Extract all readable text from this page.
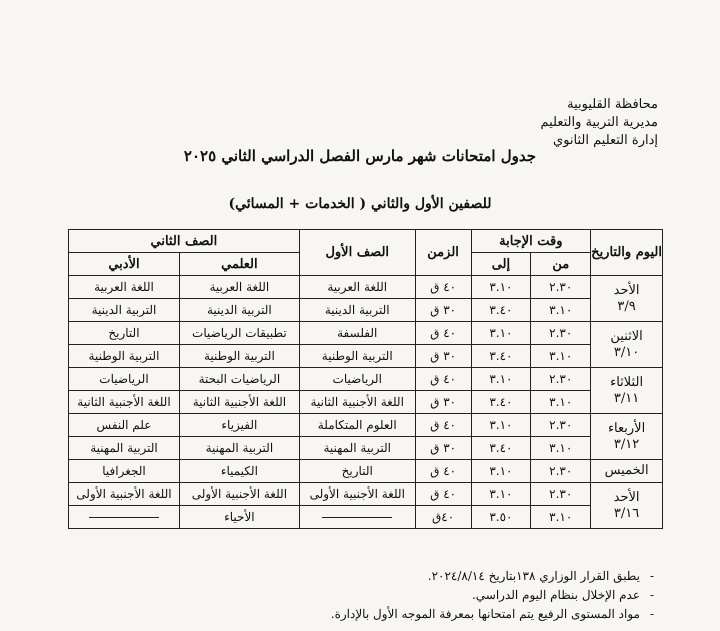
محافظة القليوبية
مديرية التربية والتعليم
إدارة التعليم الثانوي
جدول امتحانات شهر مارس الفصل الدراسي الثاني ٢٠٢٥
للصفين الأول والثاني ( الخدمات + المسائي)
اليوم والتاريخ	وقت الإجابة		الزمن	الصف الأول	الصف الثاني	
	من	إلى			العلمي	الأدبي

الأحد
٣/٩	٢.٣٠	٣.١٠	٤٠ ق	اللغة العربية	اللغة العربية	اللغة العربية
	٣.١٠	٣.٤٠	٣٠ ق	التربية الدينية	التربية الدينية	التربية الدينية

الاثنين
٣/١٠	٢.٣٠	٣.١٠	٤٠ ق	الفلسفة	تطبيقات الرياضيات	التاريخ
	٣.١٠	٣.٤٠	٣٠ ق	التربية الوطنية	التربية الوطنية	التربية الوطنية

الثلاثاء
٣/١١	٢.٣٠	٣.١٠	٤٠ ق	الرياضيات	الرياضيات البحتة	الرياضيات
	٣.١٠	٣.٤٠	٣٠ ق	اللغة الأجنبية الثانية	اللغة الأجنبية الثانية	اللغة الأجنبية الثانية

الأربعاء
٣/١٢	٢.٣٠	٣.١٠	٤٠ ق	العلوم المتكاملة	الفيزياء	علم النفس
	٣.١٠	٣.٤٠	٣٠ ق	التربية المهنية	التربية المهنية	التربية المهنية

الخميس	٢.٣٠	٣.١٠	٤٠ ق	التاريخ	الكيمياء	الجغرافيا

الأحد
٣/١٦	٢.٣٠	٣.١٠	٤٠ ق	اللغة الأجنبية الأولى	اللغة الأجنبية الأولى	اللغة الأجنبية الأولى
	٣.١٠	٣.٥٠	٤٠ق		الأحياء	
- يطبق القرار الوزاري ١٣٨بتاريخ ٢٠٢٤/٨/١٤.
- عدم الإخلال بنظام اليوم الدراسي.
- مواد المستوى الرفيع يتم امتحانها بمعرفة الموجه الأول بالإدارة.
